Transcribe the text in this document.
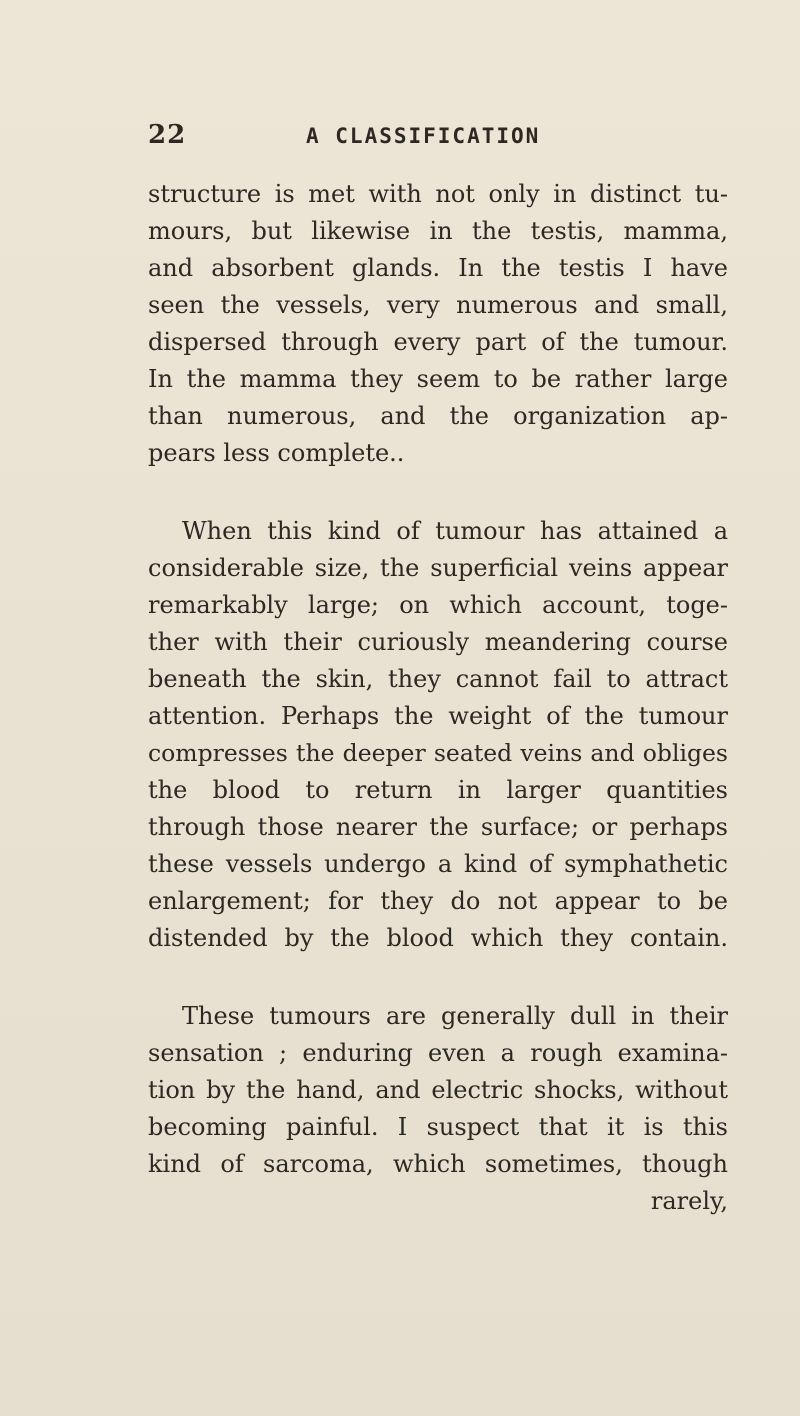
22	A CLASSIFICATION
structure is met with not only in distinct tu-
mours, but likewise in the testis, mamma,
and absorbent glands. In the testis I have
seen the vessels, very numerous and small,
dispersed through every part of the tumour.
In the mamma they seem to be rather large
than numerous, and the organization ap-
pears less complete..
When this kind of tumour has attained a
considerable size, the superficial veins appear
remarkably large; on which account, toge-
ther with their curiously meandering course
beneath the skin, they cannot fail to attract
attention. Perhaps the weight of the tumour
compresses the deeper seated veins and obliges
the blood to return in larger quantities
through those nearer the surface; or perhaps
these vessels undergo a kind of symphathetic
enlargement; for they do not appear to be
distended by the blood which they contain.
These tumours are generally dull in their
sensation ; enduring even a rough examina-
tion by the hand, and electric shocks, without
becoming painful. I suspect that it is this
kind of sarcoma, which sometimes, though
rarely,
